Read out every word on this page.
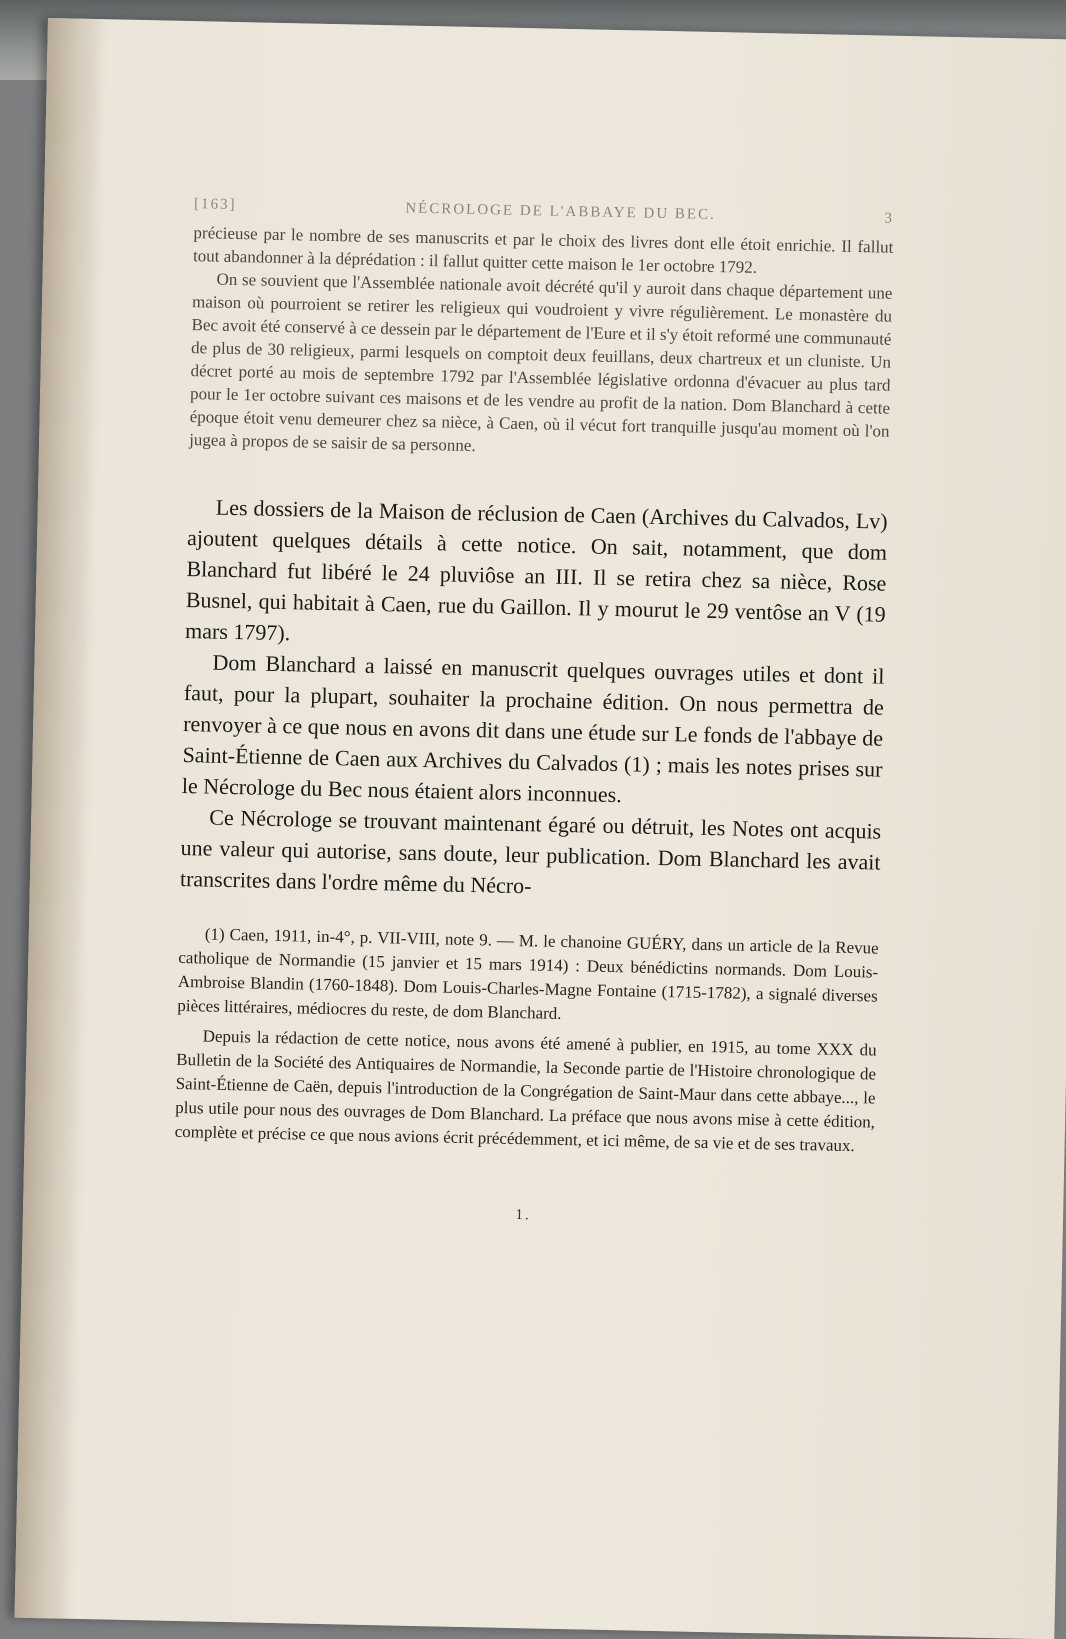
[163]	NÉCROLOGE DE L'ABBAYE DU BEC.	3

précieuse par le nombre de ses manuscrits et par le choix des livres dont elle étoit enrichie. Il fallut tout abandonner à la déprédation : il fallut quitter cette maison le 1er octobre 1792.

On se souvient que l'Assemblée nationale avoit décrété qu'il y auroit dans chaque département une maison où pourroient se retirer les religieux qui voudroient y vivre régulièrement. Le monastère du Bec avoit été conservé à ce dessein par le département de l'Eure et il s'y étoit reformé une communauté de plus de 30 religieux, parmi lesquels on comptoit deux feuillans, deux chartreux et un cluniste. Un décret porté au mois de septembre 1792 par l'Assemblée législative ordonna d'évacuer au plus tard pour le 1er octobre suivant ces maisons et de les vendre au profit de la nation. Dom Blanchard à cette époque étoit venu demeurer chez sa nièce, à Caen, où il vécut fort tranquille jusqu'au moment où l'on jugea à propos de se saisir de sa personne.

Les dossiers de la Maison de réclusion de Caen (Archives du Calvados, Lv) ajoutent quelques détails à cette notice. On sait, notamment, que dom Blanchard fut libéré le 24 pluviôse an III. Il se retira chez sa nièce, Rose Busnel, qui habitait à Caen, rue du Gaillon. Il y mourut le 29 ventôse an V (19 mars 1797).

Dom Blanchard a laissé en manuscrit quelques ouvrages utiles et dont il faut, pour la plupart, souhaiter la prochaine édition. On nous permettra de renvoyer à ce que nous en avons dit dans une étude sur Le fonds de l'abbaye de Saint-Étienne de Caen aux Archives du Calvados (1) ; mais les notes prises sur le Nécrologe du Bec nous étaient alors inconnues.

Ce Nécrologe se trouvant maintenant égaré ou détruit, les Notes ont acquis une valeur qui autorise, sans doute, leur publication. Dom Blanchard les avait transcrites dans l'ordre même du Nécro-

(1) Caen, 1911, in-4°, p. VII-VIII, note 9. — M. le chanoine GUÉRY, dans un article de la Revue catholique de Normandie (15 janvier et 15 mars 1914) : Deux bénédictins normands. Dom Louis-Ambroise Blandin (1760-1848). Dom Louis-Charles-Magne Fontaine (1715-1782), a signalé diverses pièces littéraires, médiocres du reste, de dom Blanchard.

Depuis la rédaction de cette notice, nous avons été amené à publier, en 1915, au tome XXX du Bulletin de la Société des Antiquaires de Normandie, la Seconde partie de l'Histoire chronologique de Saint-Étienne de Caën, depuis l'introduction de la Congrégation de Saint-Maur dans cette abbaye..., le plus utile pour nous des ouvrages de Dom Blanchard. La préface que nous avons mise à cette édition, complète et précise ce que nous avions écrit précédemment, et ici même, de sa vie et de ses travaux.

1.
